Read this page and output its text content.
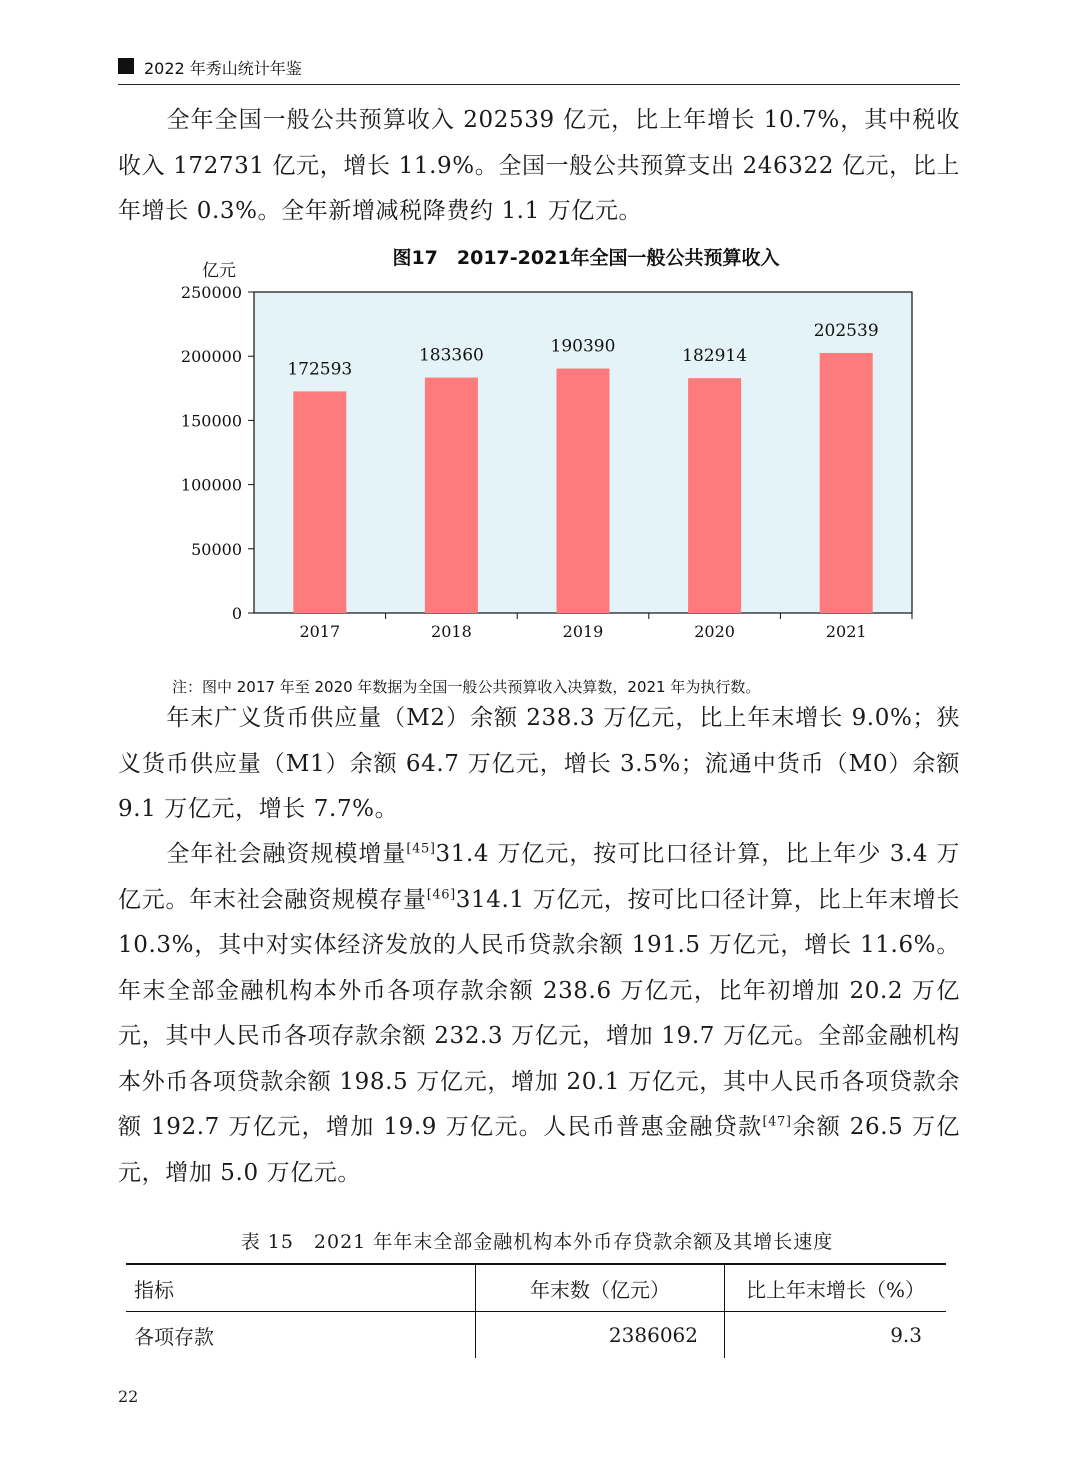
2022 年秀山统计年鉴

全年全国一般公共预算收入 202539 亿元，比上年增长 10.7%，其中税收收入 172731 亿元，增长 11.9%。全国一般公共预算支出 246322 亿元，比上年增长 0.3%。全年新增减税降费约 1.1 万亿元。

图17　2017-2021年全国一般公共预算收入
亿元
0
50000
100000
150000
200000
250000
172593
2017
183360
2018
190390
2019
182914
2020
202539
2021
注：图中 2017 年至 2020 年数据为全国一般公共预算收入决算数，2021 年为执行数。

年末广义货币供应量（M2）余额 238.3 万亿元，比上年末增长 9.0%；狭义货币供应量（M1）余额 64.7 万亿元，增长 3.5%；流通中货币（M0）余额 9.1 万亿元，增长 7.7%。

全年社会融资规模增量[45]31.4 万亿元，按可比口径计算，比上年少 3.4 万亿元。年末社会融资规模存量[46]314.1 万亿元，按可比口径计算，比上年末增长 10.3%，其中对实体经济发放的人民币贷款余额 191.5 万亿元，增长 11.6%。年末全部金融机构本外币各项存款余额 238.6 万亿元，比年初增加 20.2 万亿元，其中人民币各项存款余额 232.3 万亿元，增加 19.7 万亿元。全部金融机构本外币各项贷款余额 198.5 万亿元，增加 20.1 万亿元，其中人民币各项贷款余额 192.7 万亿元，增加 19.9 万亿元。人民币普惠金融贷款[47]余额 26.5 万亿元，增加 5.0 万亿元。

表 15　2021 年年末全部金融机构本外币存贷款余额及其增长速度
指标	年末数（亿元）	比上年末增长（%）
各项存款	2386062	9.3
22
